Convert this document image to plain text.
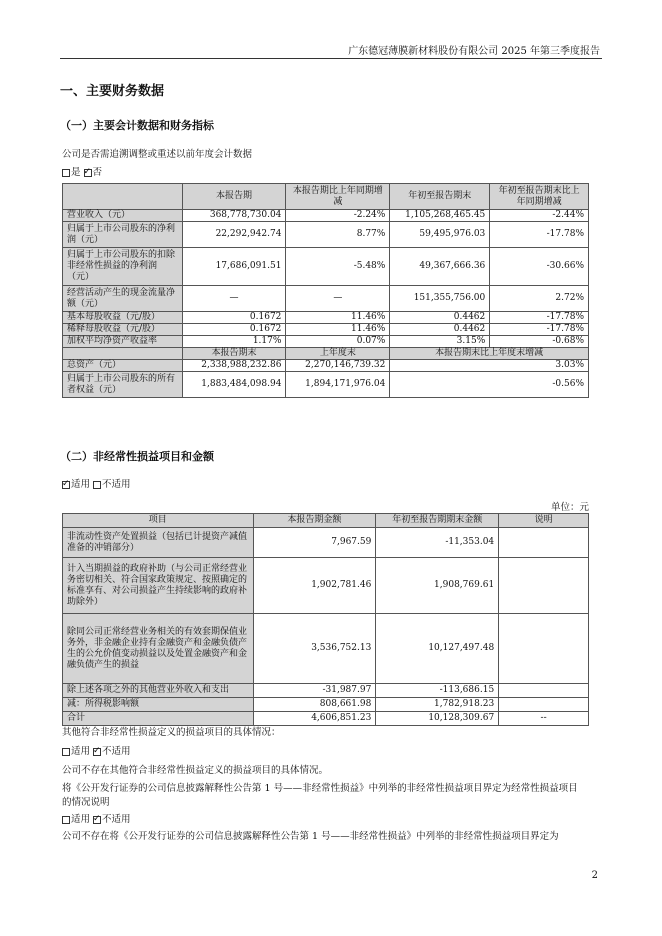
广东德冠薄膜新材料股份有限公司 2025 年第三季度报告
一、主要财务数据
（一）主要会计数据和财务指标
公司是否需追溯调整或重述以前年度会计数据
是 ✓ 否
	本报告期	本报告期比上年同期增减	年初至报告期末	年初至报告期末比上年同期增减
营业收入（元）	368,778,730.04	-2.24%	1,105,268,465.45	-2.44%
归属于上市公司股东的净利润（元）	22,292,942.74	8.77%	59,495,976.03	-17.78%
归属于上市公司股东的扣除非经常性损益的净利润（元）	17,686,091.51	-5.48%	49,367,666.36	-30.66%
经营活动产生的现金流量净额（元）	—	—	151,355,756.00	2.72%
基本每股收益（元/股）	0.1672	11.46%	0.4462	-17.78%
稀释每股收益（元/股）	0.1672	11.46%	0.4462	-17.78%
加权平均净资产收益率	1.17%	0.07%	3.15%	-0.68%
	本报告期末	上年度末	本报告期末比上年度末增减	
总资产（元）	2,338,988,232.86	2,270,146,739.32	3.03%	
归属于上市公司股东的所有者权益（元）	1,883,484,098.94	1,894,171,976.04	-0.56%	
（二）非经常性损益项目和金额
✓适用 不适用
单位：元
项目	本报告期金额	年初至报告期期末金额	说明
非流动性资产处置损益（包括已计提资产减值准备的冲销部分）	7,967.59	-11,353.04	
计入当期损益的政府补助（与公司正常经营业务密切相关、符合国家政策规定、按照确定的标准享有、对公司损益产生持续影响的政府补助除外）	1,902,781.46	1,908,769.61	
除同公司正常经营业务相关的有效套期保值业务外，非金融企业持有金融资产和金融负债产生的公允价值变动损益以及处置金融资产和金融负债产生的损益	3,536,752.13	10,127,497.48	
除上述各项之外的其他营业外收入和支出	-31,987.97	-113,686.15	
减：所得税影响额	808,661.98	1,782,918.23	
合计	4,606,851.23	10,128,309.67	--
其他符合非经常性损益定义的损益项目的具体情况：
适用 ✓ 不适用
公司不存在其他符合非经常性损益定义的损益项目的具体情况。
将《公开发行证券的公司信息披露解释性公告第 1 号——非经常性损益》中列举的非经常性损益项目界定为经常性损益项目的情况说明
适用 ✓ 不适用
公司不存在将《公开发行证券的公司信息披露解释性公告第 1 号——非经常性损益》中列举的非经常性损益项目界定为
2
